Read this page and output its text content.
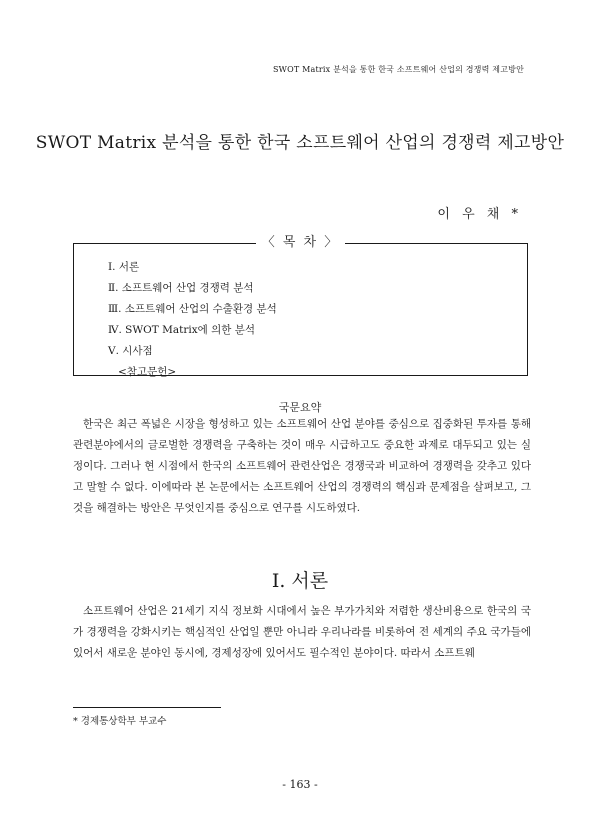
SWOT Matrix 분석을 통한 한국 소프트웨어 산업의 경쟁력 제고방안
SWOT Matrix 분석을 통한 한국 소프트웨어 산업의 경쟁력 제고방안
이 우 채 *
〈 목 차 〉
Ⅰ. 서론
Ⅱ. 소프트웨어 산업 경쟁력 분석
Ⅲ. 소프트웨어 산업의 수출환경 분석
Ⅳ. SWOT Matrix에 의한 분석
Ⅴ. 시사점
<참고문헌>
국문요약

한국은 최근 폭넓은 시장을 형성하고 있는 소프트웨어 산업 분야를 중심으로 집중화된 투자를 통해 관련분야에서의 글로벌한 경쟁력을 구축하는 것이 매우 시급하고도 중요한 과제로 대두되고 있는 실정이다. 그러나 현 시점에서 한국의 소프트웨어 관련산업은 경쟁국과 비교하여 경쟁력을 갖추고 있다고 말할 수 없다. 이에따라 본 논문에서는 소프트웨어 산업의 경쟁력의 핵심과 문제점을 살펴보고, 그것을 해결하는 방안은 무엇인지를 중심으로 연구를 시도하였다.

Ⅰ. 서론

소프트웨어 산업은 21세기 지식 정보화 시대에서 높은 부가가치와 저렴한 생산비용으로 한국의 국가 경쟁력을 강화시키는 핵심적인 산업일 뿐만 아니라 우리나라를 비롯하여 전 세계의 주요 국가들에 있어서 새로운 분야인 동시에, 경제성장에 있어서도 필수적인 분야이다. 따라서 소프트웨

* 경제통상학부 부교수
- 163 -
